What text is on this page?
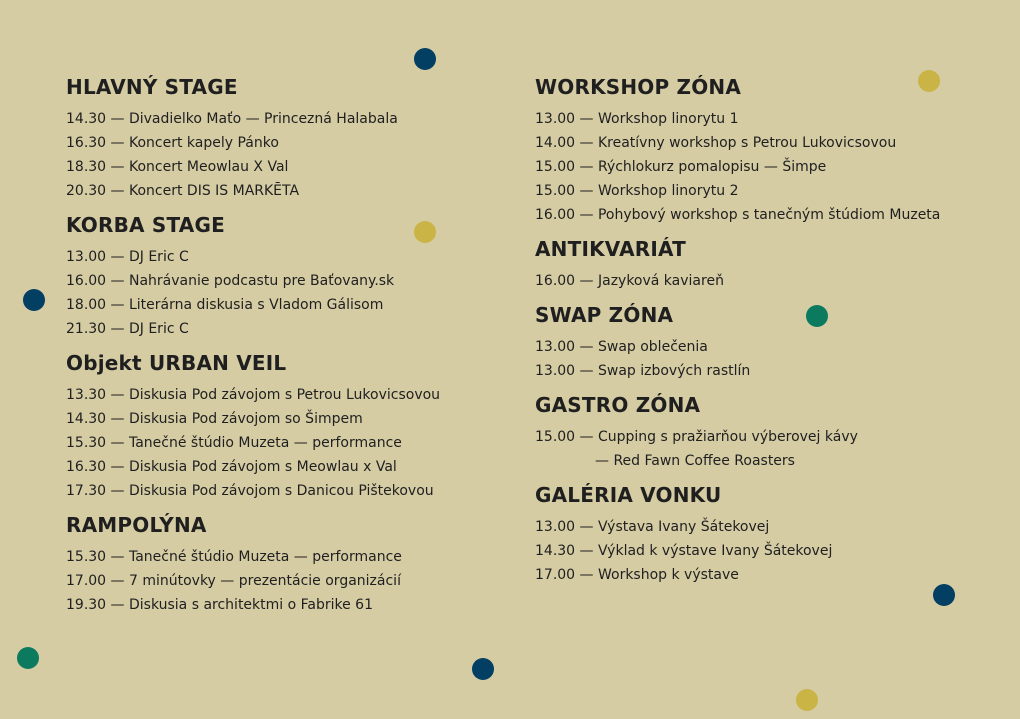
HLAVNÝ STAGE
14.30 — Divadielko Maťo — Princezná Halabala
16.30 — Koncert kapely Pánko
18.30 — Koncert Meowlau X Val
20.30 — Koncert DIS IS MARKĒTA
KORBA STAGE
13.00 — DJ Eric C
16.00 — Nahrávanie podcastu pre Baťovany.sk
18.00 — Literárna diskusia s Vladom Gálisom
21.30 — DJ Eric C
Objekt URBAN VEIL
13.30 — Diskusia Pod závojom s Petrou Lukovicsovou
14.30 — Diskusia Pod závojom so Šimpem
15.30 — Tanečné štúdio Muzeta — performance
16.30 — Diskusia Pod závojom s Meowlau x Val
17.30 — Diskusia Pod závojom s Danicou Pištekovou
RAMPOLÝNA
15.30 — Tanečné štúdio Muzeta — performance
17.00 — 7 minútovky — prezentácie organizácií
19.30 — Diskusia s architektmi o Fabrike 61
WORKSHOP ZÓNA
13.00 — Workshop linorytu 1
14.00 — Kreatívny workshop s Petrou Lukovicsovou
15.00 — Rýchlokurz pomalopisu — Šimpe
15.00 — Workshop linorytu 2
16.00 — Pohybový workshop s tanečným štúdiom Muzeta
ANTIKVARIÁT
16.00 — Jazyková kaviareň
SWAP ZÓNA
13.00 — Swap oblečenia
13.00 — Swap izbových rastlín
GASTRO ZÓNA
15.00 — Cupping s pražiarňou výberovej kávy
— Red Fawn Coffee Roasters
GALÉRIA VONKU
13.00 — Výstava Ivany Šátekovej
14.30 — Výklad k výstave Ivany Šátekovej
17.00 — Workshop k výstave
